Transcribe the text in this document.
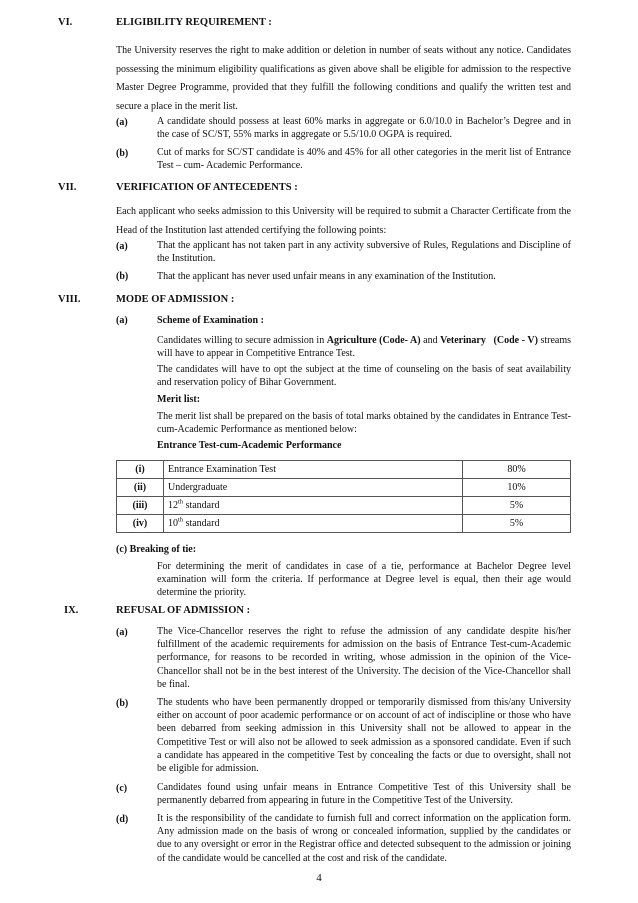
VI.	ELIGIBILITY REQUIREMENT :
The University reserves the right to make addition or deletion in number of seats without any notice. Candidates possessing the minimum eligibility qualifications as given above shall be eligible for admission to the respective Master Degree Programme, provided that they fulfill the following conditions and qualify the written test and secure a place in the merit list.
(a)	A candidate should possess at least 60% marks in aggregate or 6.0/10.0 in Bachelor’s Degree and in the case of SC/ST, 55% marks in aggregate or 5.5/10.0 OGPA is required.
(b)	Cut of marks for SC/ST candidate is 40% and 45% for all other categories in the merit list of Entrance Test – cum- Academic Performance.
VII.	VERIFICATION OF ANTECEDENTS :
Each applicant who seeks admission to this University will be required to submit a Character Certificate from the Head of the Institution last attended certifying the following points:
(a)	That the applicant has not taken part in any activity subversive of Rules, Regulations and Discipline of the Institution.
(b)	That the applicant has never used unfair means in any examination of the Institution.
VIII.	MODE OF ADMISSION :
(a)	Scheme of Examination :
Candidates willing to secure admission in Agriculture (Code- A) and Veterinary   (Code - V) streams will have to appear in Competitive Entrance Test.
The candidates will have to opt the subject at the time of counseling on the basis of seat availability and reservation policy of Bihar Government.
Merit list:
The merit list shall be prepared on the basis of total marks obtained by the candidates in Entrance Test-cum-Academic Performance as mentioned below:
Entrance Test-cum-Academic Performance
(i)	Entrance Examination Test	80%
(ii)	Undergraduate	10%
(iii)	12th standard	5%
(iv)	10th standard	5%
(c) Breaking of tie:
For determining the merit of candidates in case of a tie, performance at Bachelor Degree level examination will form the criteria. If performance at Degree level is equal, then their age would determine the priority.
IX.	REFUSAL OF ADMISSION :
(a)	The Vice-Chancellor reserves the right to refuse the admission of any candidate despite his/her fulfillment of the academic requirements for admission on the basis of Entrance Test-cum-Academic performance, for reasons to be recorded in writing, whose admission in the opinion of the Vice-Chancellor shall not be in the best interest of the University. The decision of the Vice-Chancellor shall be final.
(b)	The students who have been permanently dropped or temporarily dismissed from this/any University either on account of poor academic performance or on account of act of indiscipline or those who have been debarred from seeking admission in this University shall not be allowed to appear in the Competitive Test or will also not be allowed to seek admission as a sponsored candidate. Even if such a candidate has appeared in the competitive Test by concealing the facts or due to oversight, shall not be eligible for admission.
(c)	Candidates found using unfair means in Entrance Competitive Test of this University shall be permanently debarred from appearing in future in the Competitive Test of the University.
(d)	It is the responsibility of the candidate to furnish full and correct information on the application form. Any admission made on the basis of wrong or concealed information, supplied by the candidates or due to any oversight or error in the Registrar office and detected subsequent to the admission or joining of the candidate would be cancelled at the cost and risk of the candidate.
4
